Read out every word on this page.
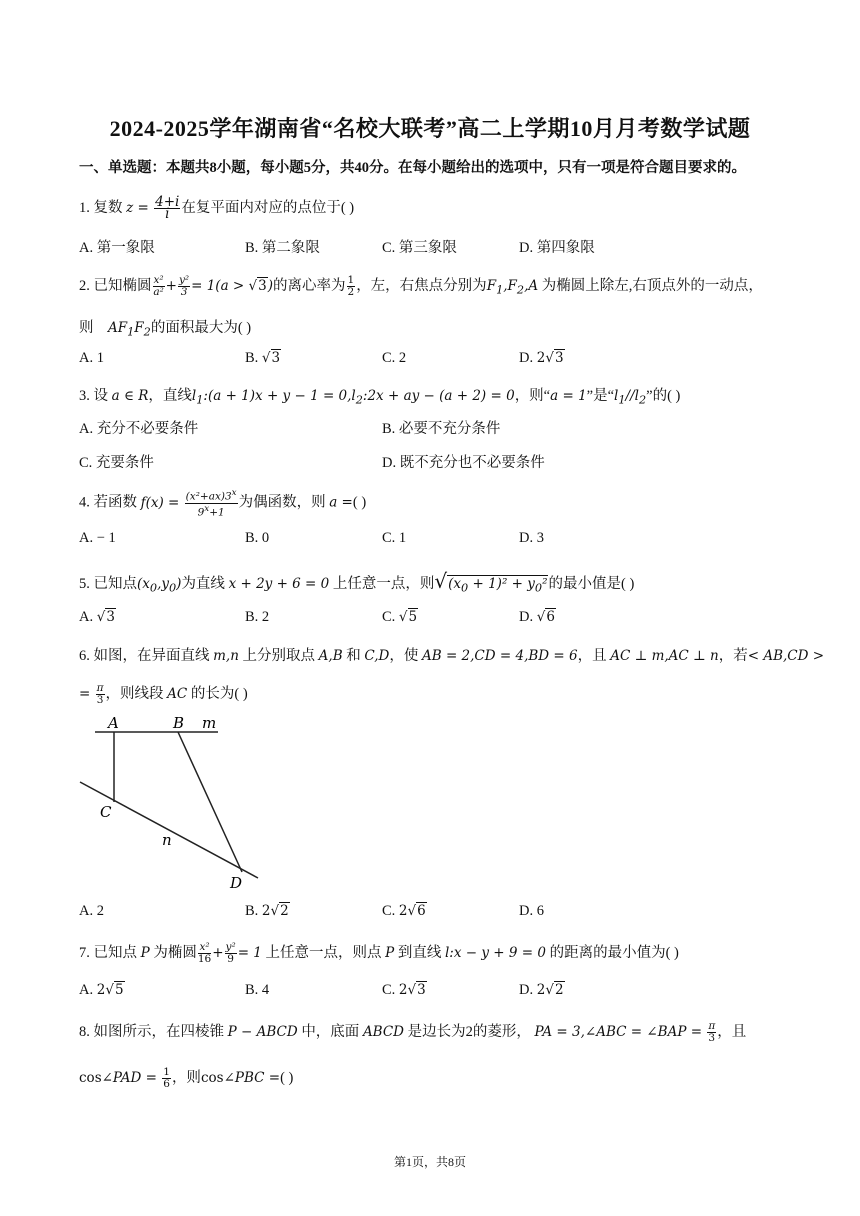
2024-2025学年湖南省“名校大联考”高二上学期10月月考数学试题
一、单选题：本题共8小题，每小题5分，共40分。在每小题给出的选项中，只有一项是符合题目要求的。
1. 复数 $z = \frac{4+i}{i}$ 在复平面内对应的点位于( )
A. 第一象限	B. 第二象限	C. 第三象限	D. 第四象限
2. 已知椭圆 $\frac{\text{x²}}{\text{a²}} + \frac{\text{y²}}{3} = 1(a > √3)$的离心率为 $\frac{1}{2}$ ，左，右焦点分别为$F_1,F_2,A$ 为椭圆上除左,右顶点外的一动点，
则 $AF_1F_2$的面积最大为( )
A. 1	B. √3	C. 2	D. 2√3
3. 设 a ∈ R，直线$l_1:(a + 1)x + y - 1$ = $0,l_2:2x$ + ay − (a + 2) = 0，则“a = 1”是“$l_1//l_2$”的( )
A. 充分不必要条件	B. 必要不充分条件
C. 充要条件	D. 既不充分也不必要条件
4. 若函数 $f(x) = \frac{(x^2+ax)3^x}{9^x+1}$ 为偶函数，则 a =( )
A. − 1	B. 0	C. 1	D. 3
5. 已知点$(x_0,y_0)$为直线 x + 2y + 6 = 0 上任意一点，则$√(x_0 + 1)^2 + y_0^2$的最小值是( )
A. √3	B. 2	C. √5	D. √6
6. 如图，在异面直线 m,n 上分别取点 A,B 和 C,D，使 AB = 2,CD = 4,BD = 6，且 AC ⊥ m,AC ⊥ n，若< AB,CD >
= $\frac{\pi}{3}$ ，则线段 AC 的长为( )
A	B m
C
n
D
A. 2	B. 2√2	C. 2√6	D. 6
7. 已知点 P 为椭圆 $\frac{\text{x²}}{16} + \frac{\text{y²}}{9} = 1$ 上任意一点，则点 P 到直线 l:x − y + 9 = 0 的距离的最小值为( )
A. 2√5	B. 4	C. 2√3	D. 2√2
8. 如图所示，在四棱锥 P − ABCD 中，底面 ABCD 是边长为2的菱形， PA = 3,∠ABC = ∠BAP = $\frac{\pi}{3}$ ，且
cos∠PAD = $\frac{1}{6}$ ，则cos∠PBC =( )
第1页，共8页
